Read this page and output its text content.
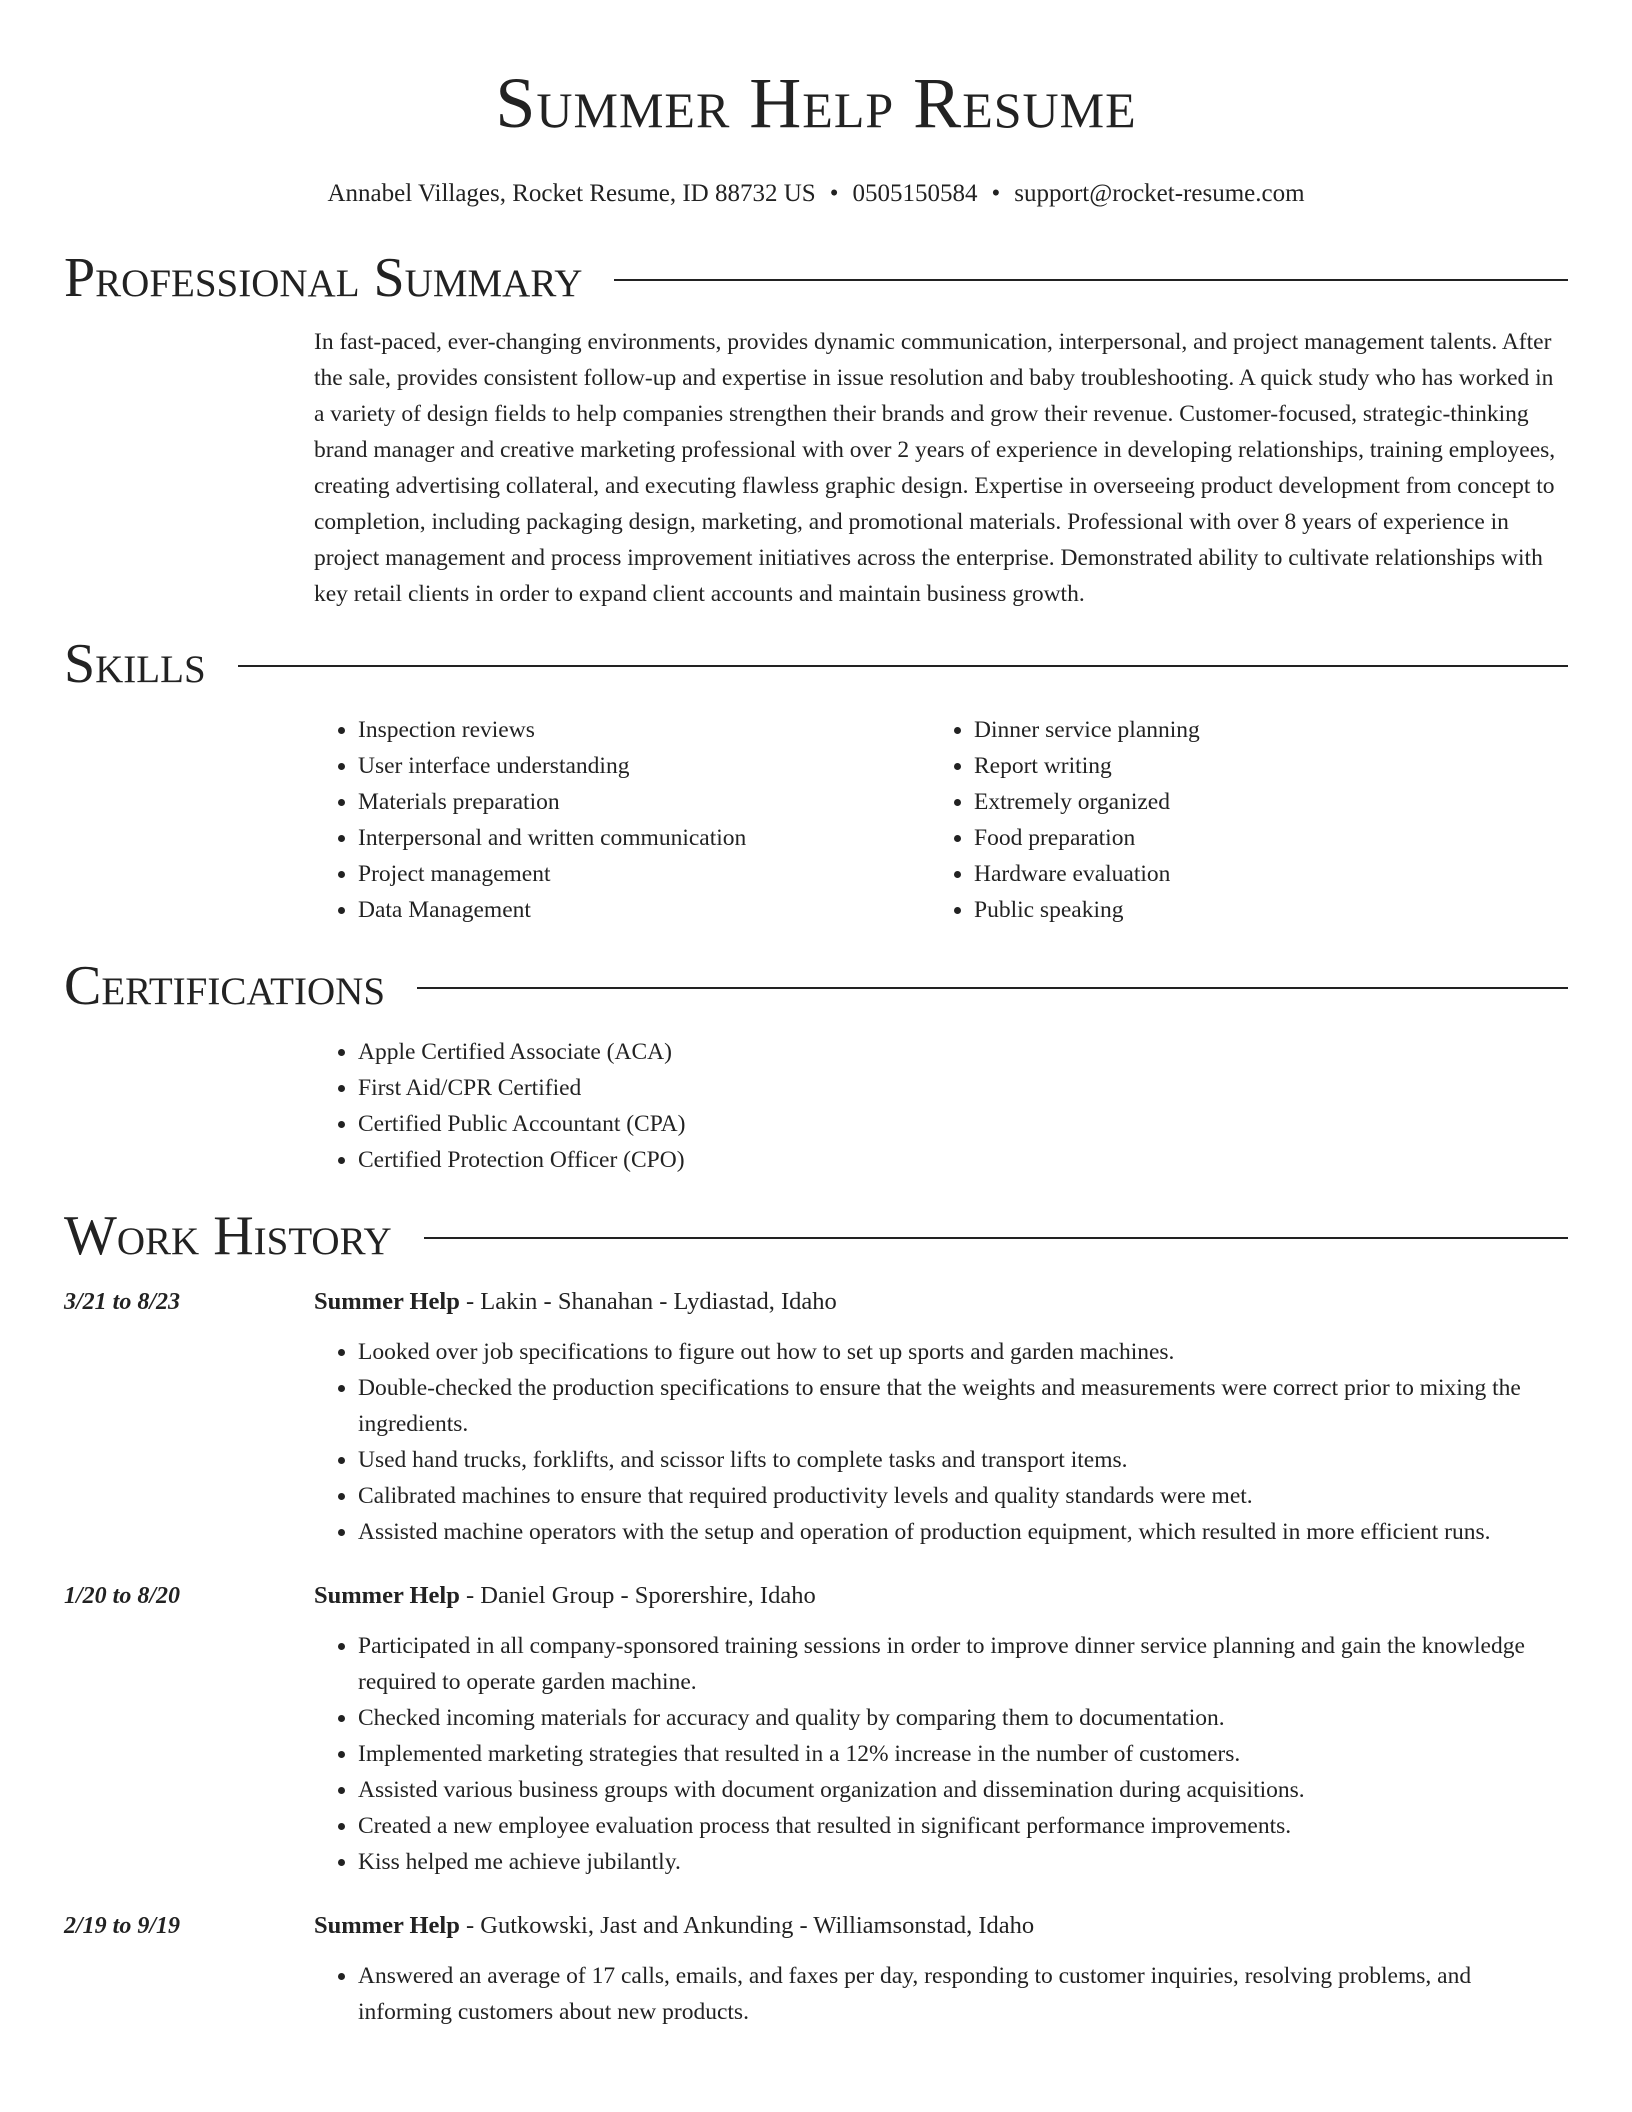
Summer Help Resume
Annabel Villages, Rocket Resume, ID 88732 US • 0505150584 • support@rocket-resume.com
Professional Summary
In fast-paced, ever-changing environments, provides dynamic communication, interpersonal, and project management talents. After the sale, provides consistent follow-up and expertise in issue resolution and baby troubleshooting. A quick study who has worked in a variety of design fields to help companies strengthen their brands and grow their revenue. Customer-focused, strategic-thinking brand manager and creative marketing professional with over 2 years of experience in developing relationships, training employees, creating advertising collateral, and executing flawless graphic design. Expertise in overseeing product development from concept to completion, including packaging design, marketing, and promotional materials. Professional with over 8 years of experience in project management and process improvement initiatives across the enterprise. Demonstrated ability to cultivate relationships with key retail clients in order to expand client accounts and maintain business growth.
Skills
• Inspection reviews
• User interface understanding
• Materials preparation
• Interpersonal and written communication
• Project management
• Data Management
• Dinner service planning
• Report writing
• Extremely organized
• Food preparation
• Hardware evaluation
• Public speaking
Certifications
• Apple Certified Associate (ACA)
• First Aid/CPR Certified
• Certified Public Accountant (CPA)
• Certified Protection Officer (CPO)
Work History
3/21 to 8/23	Summer Help - Lakin - Shanahan - Lydiastad, Idaho
• Looked over job specifications to figure out how to set up sports and garden machines.
• Double-checked the production specifications to ensure that the weights and measurements were correct prior to mixing the ingredients.
• Used hand trucks, forklifts, and scissor lifts to complete tasks and transport items.
• Calibrated machines to ensure that required productivity levels and quality standards were met.
• Assisted machine operators with the setup and operation of production equipment, which resulted in more efficient runs.
1/20 to 8/20	Summer Help - Daniel Group - Sporershire, Idaho
• Participated in all company-sponsored training sessions in order to improve dinner service planning and gain the knowledge required to operate garden machine.
• Checked incoming materials for accuracy and quality by comparing them to documentation.
• Implemented marketing strategies that resulted in a 12% increase in the number of customers.
• Assisted various business groups with document organization and dissemination during acquisitions.
• Created a new employee evaluation process that resulted in significant performance improvements.
• Kiss helped me achieve jubilantly.
2/19 to 9/19	Summer Help - Gutkowski, Jast and Ankunding - Williamsonstad, Idaho
• Answered an average of 17 calls, emails, and faxes per day, responding to customer inquiries, resolving problems, and informing customers about new products.
